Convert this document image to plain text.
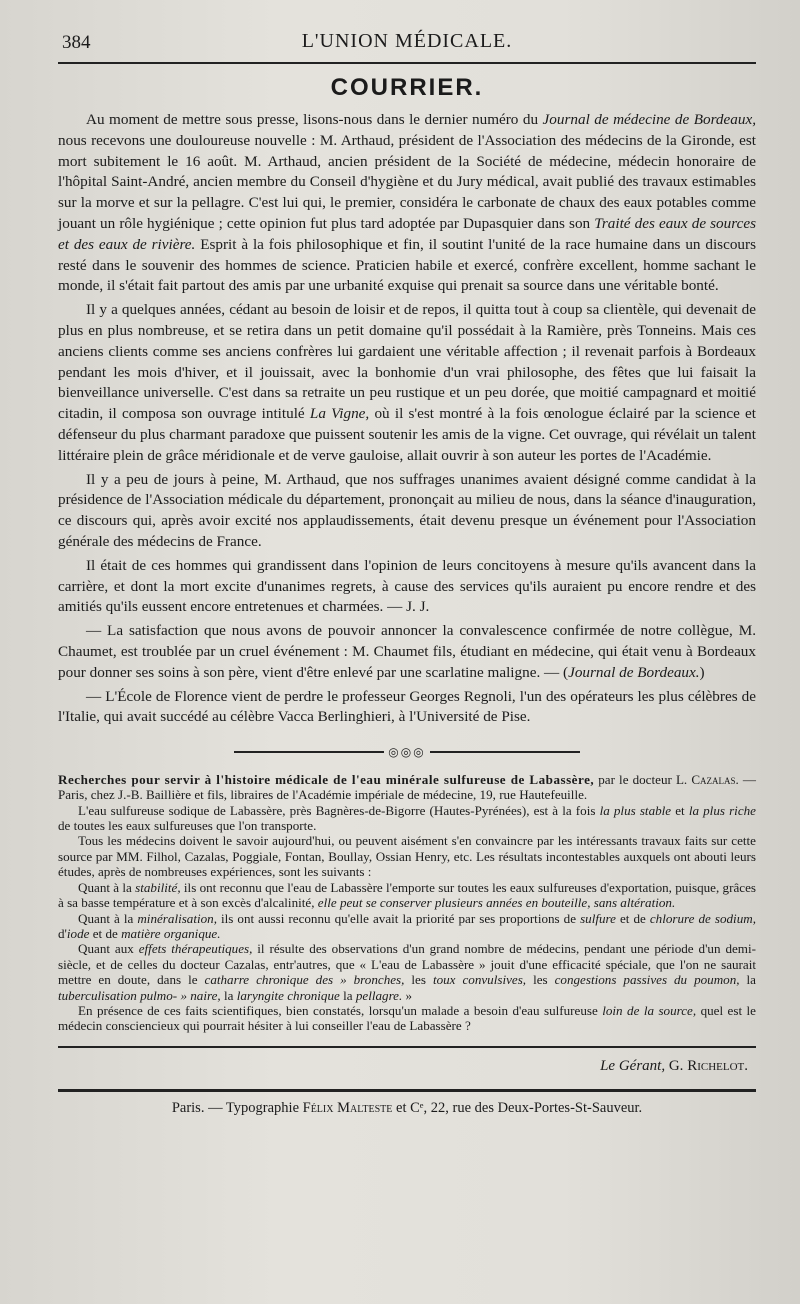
384	L'UNION MÉDICALE.
COURRIER.

Au moment de mettre sous presse, lisons-nous dans le dernier numéro du Journal de médecine de Bordeaux, nous recevons une douloureuse nouvelle : M. Arthaud, président de l'Association des médecins de la Gironde, est mort subitement le 16 août. M. Arthaud, ancien président de la Société de médecine, médecin honoraire de l'hôpital Saint-André, ancien membre du Conseil d'hygiène et du Jury médical, avait publié des travaux estimables sur la morve et sur la pellagre. C'est lui qui, le premier, considéra le carbonate de chaux des eaux potables comme jouant un rôle hygiénique ; cette opinion fut plus tard adoptée par Dupasquier dans son Traité des eaux de sources et des eaux de rivière. Esprit à la fois philosophique et fin, il soutint l'unité de la race humaine dans un discours resté dans le souvenir des hommes de science. Praticien habile et exercé, confrère excellent, homme sachant le monde, il s'était fait partout des amis par une urbanité exquise qui prenait sa source dans une véritable bonté.

Il y a quelques années, cédant au besoin de loisir et de repos, il quitta tout à coup sa clientèle, qui devenait de plus en plus nombreuse, et se retira dans un petit domaine qu'il possédait à la Ramière, près Tonneins. Mais ces anciens clients comme ses anciens confrères lui gardaient une véritable affection ; il revenait parfois à Bordeaux pendant les mois d'hiver, et il jouissait, avec la bonhomie d'un vrai philosophe, des fêtes que lui faisait la bienveillance universelle. C'est dans sa retraite un peu rustique et un peu dorée, que moitié campagnard et moitié citadin, il composa son ouvrage intitulé La Vigne, où il s'est montré à la fois œnologue éclairé par la science et défenseur du plus charmant paradoxe que puissent soutenir les amis de la vigne. Cet ouvrage, qui révélait un talent littéraire plein de grâce méridionale et de verve gauloise, allait ouvrir à son auteur les portes de l'Académie.

Il y a peu de jours à peine, M. Arthaud, que nos suffrages unanimes avaient désigné comme candidat à la présidence de l'Association médicale du département, prononçait au milieu de nous, dans la séance d'inauguration, ce discours qui, après avoir excité nos applaudissements, était devenu presque un événement pour l'Association générale des médecins de France.

Il était de ces hommes qui grandissent dans l'opinion de leurs concitoyens à mesure qu'ils avancent dans la carrière, et dont la mort excite d'unanimes regrets, à cause des services qu'ils auraient pu encore rendre et des amitiés qu'ils eussent encore entretenues et charmées. — J. J.

— La satisfaction que nous avons de pouvoir annoncer la convalescence confirmée de notre collègue, M. Chaumet, est troublée par un cruel événement : M. Chaumet fils, étudiant en médecine, qui était venu à Bordeaux pour donner ses soins à son père, vient d'être enlevé par une scarlatine maligne. — (Journal de Bordeaux.)

— L'École de Florence vient de perdre le professeur Georges Regnoli, l'un des opérateurs les plus célèbres de l'Italie, qui avait succédé au célèbre Vacca Berlinghieri, à l'Université de Pise.

◎◎◎

Recherches pour servir à l'histoire médicale de l'eau minérale sulfureuse de Labassère, par le docteur L. Cazalas. — Paris, chez J.-B. Baillière et fils, libraires de l'Académie impériale de médecine, 19, rue Hautefeuille.

L'eau sulfureuse sodique de Labassère, près Bagnères-de-Bigorre (Hautes-Pyrénées), est à la fois la plus stable et la plus riche de toutes les eaux sulfureuses que l'on transporte.

Tous les médecins doivent le savoir aujourd'hui, ou peuvent aisément s'en convaincre par les intéressants travaux faits sur cette source par MM. Filhol, Cazalas, Poggiale, Fontan, Boullay, Ossian Henry, etc. Les résultats incontestables auxquels ont abouti leurs études, après de nombreuses expériences, sont les suivants :

Quant à la stabilité, ils ont reconnu que l'eau de Labassère l'emporte sur toutes les eaux sulfureuses d'exportation, puisque, grâces à sa basse température et à son excès d'alcalinité, elle peut se conserver plusieurs années en bouteille, sans altération.

Quant à la minéralisation, ils ont aussi reconnu qu'elle avait la priorité par ses proportions de sulfure et de chlorure de sodium, d'iode et de matière organique.

Quant aux effets thérapeutiques, il résulte des observations d'un grand nombre de médecins, pendant une période d'un demi-siècle, et de celles du docteur Cazalas, entr'autres, que « L'eau de Labassère » jouit d'une efficacité spéciale, que l'on ne saurait mettre en doute, dans le catharre chronique des » bronches, les toux convulsives, les congestions passives du poumon, la tuberculisation pulmo- » naire, la laryngite chronique la pellagre. »

En présence de ces faits scientifiques, bien constatés, lorsqu'un malade a besoin d'eau sulfureuse loin de la source, quel est le médecin consciencieux qui pourrait hésiter à lui conseiller l'eau de Labassère ?

Le Gérant, G. Richelot.
Paris. — Typographie Félix Malteste et Cᵉ, 22, rue des Deux-Portes-St-Sauveur.
